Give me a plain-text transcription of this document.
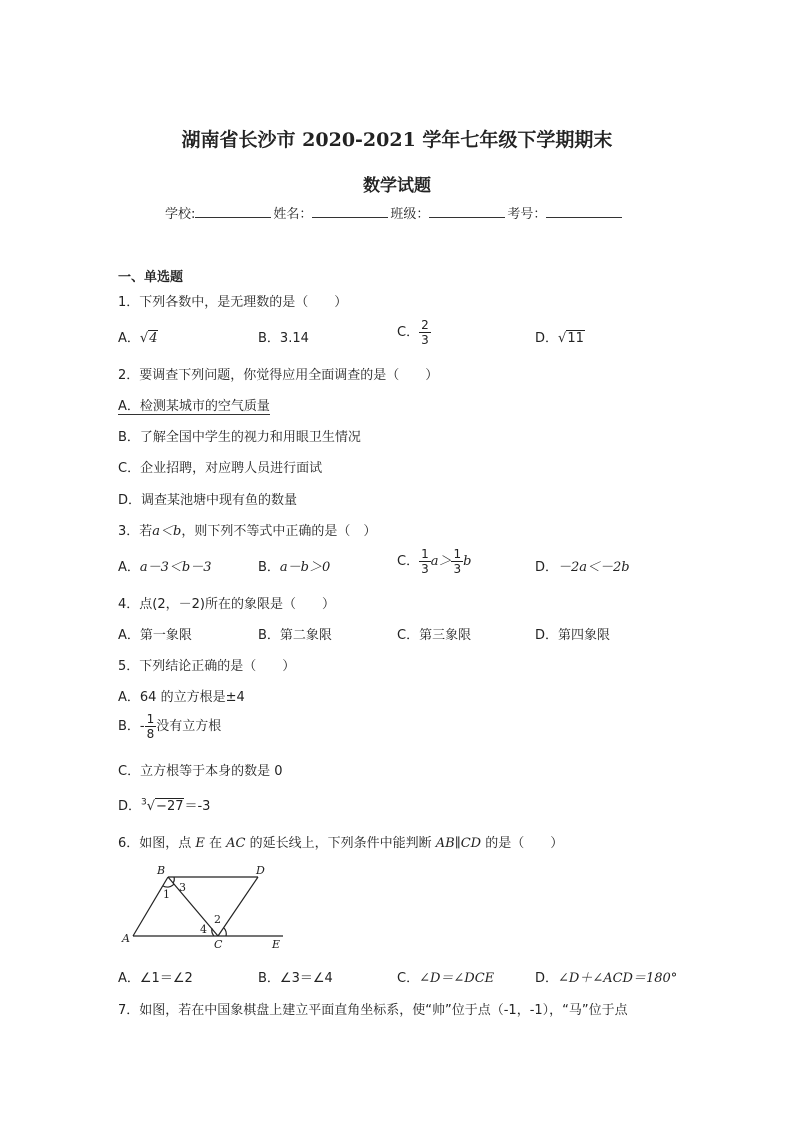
湖南省长沙市 2020-2021 学年七年级下学期期末
数学试题
学校:	姓名：	班级：	考号：
一、单选题
1．下列各数中，是无理数的是（　　）
A．√4	B．3.14	C． $\frac{2}{3}$	D．√11
2．要调查下列问题，你觉得应用全面调查的是（　　）
A．检测某城市的空气质量
B．了解全国中学生的视力和用眼卫生情况
C．企业招聘，对应聘人员进行面试
D．调查某池塘中现有鱼的数量
3．若a＜b，则下列不等式中正确的是（　）
A．a－3＜b－3	B．a－b＞0	C． $\frac{1}{3} a> \frac{1}{3}$ b	D．－2a＜－2b
4．点(2，－2)所在的象限是（　　）
A．第一象限	B．第二象限	C．第三象限	D．第四象限
5．下列结论正确的是（　　）
A．64 的立方根是±4
B．- $\frac{1}{8}$ 没有立方根
C．立方根等于本身的数是 0
D．$^3$√−27＝-3
6．如图，点 E 在 AC 的延长线上，下列条件中能判断 AB∥CD 的是（　　）
B	D
A	C	E
1
3
2
4
A．∠1＝∠2	B．∠3＝∠4	C．∠D＝∠DCE	D．∠D＋∠ACD＝180°
7．如图，若在中国象棋盘上建立平面直角坐标系，使“帅”位于点（-1，-1），“马”位于点
